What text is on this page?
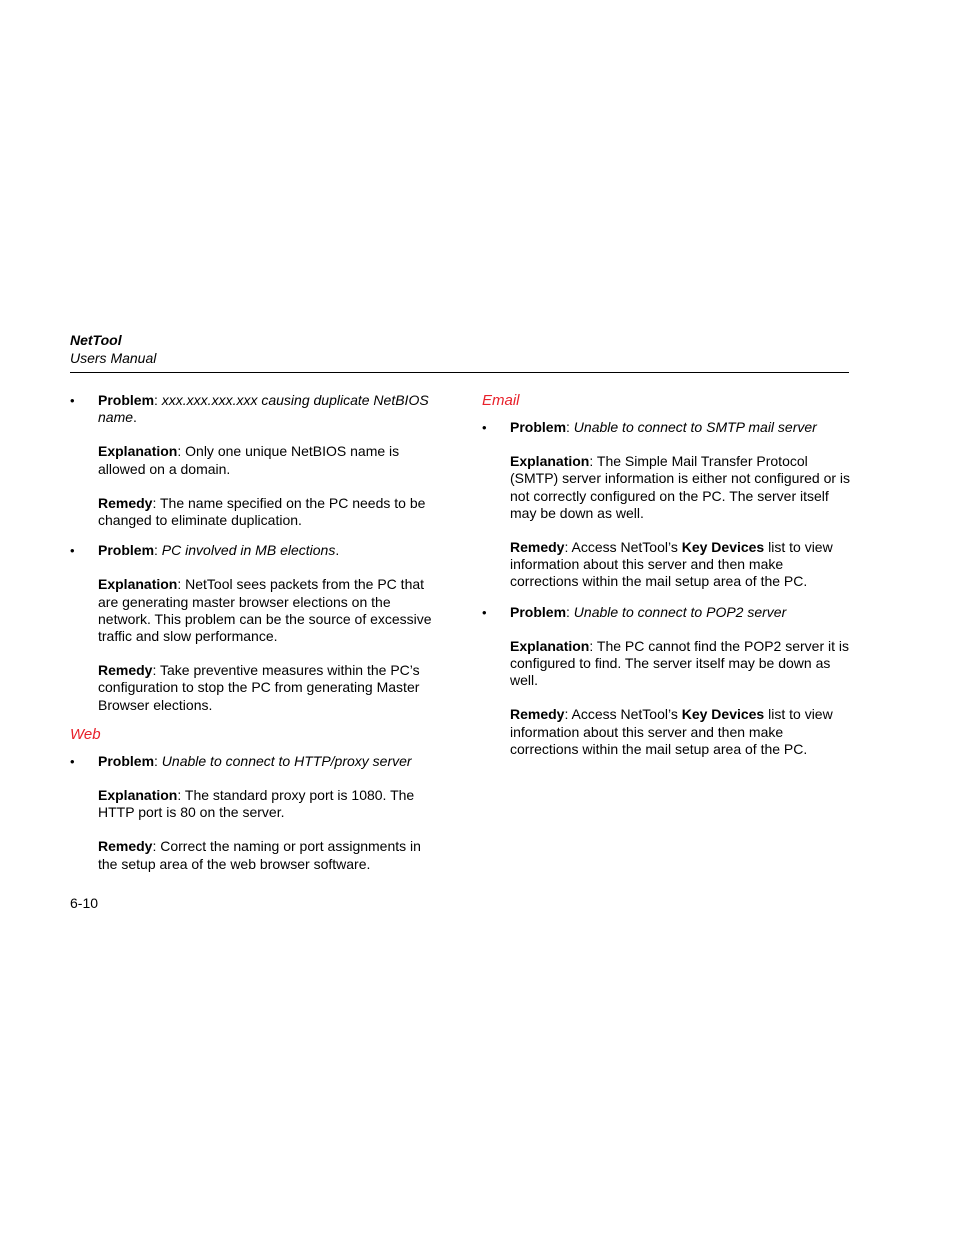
NetTool
Users Manual
• Problem: xxx.xxx.xxx.xxx causing duplicate NetBIOS name.

Explanation: Only one unique NetBIOS name is allowed on a domain.

Remedy: The name specified on the PC needs to be changed to eliminate duplication.

• Problem: PC involved in MB elections.

Explanation: NetTool sees packets from the PC that are generating master browser elections on the network. This problem can be the source of excessive traffic and slow performance.

Remedy: Take preventive measures within the PC’s configuration to stop the PC from generating Master Browser elections.

Web
• Problem: Unable to connect to HTTP/proxy server

Explanation: The standard proxy port is 1080. The HTTP port is 80 on the server.

Remedy: Correct the naming or port assignments in the setup area of the web browser software.

Email
• Problem: Unable to connect to SMTP mail server

Explanation: The Simple Mail Transfer Protocol (SMTP) server information is either not configured or is not correctly configured on the PC. The server itself may be down as well.

Remedy: Access NetTool’s Key Devices list to view information about this server and then make corrections within the mail setup area of the PC.

• Problem: Unable to connect to POP2 server

Explanation: The PC cannot find the POP2 server it is configured to find. The server itself may be down as well.

Remedy: Access NetTool’s Key Devices list to view information about this server and then make corrections within the mail setup area of the PC.

6-10
